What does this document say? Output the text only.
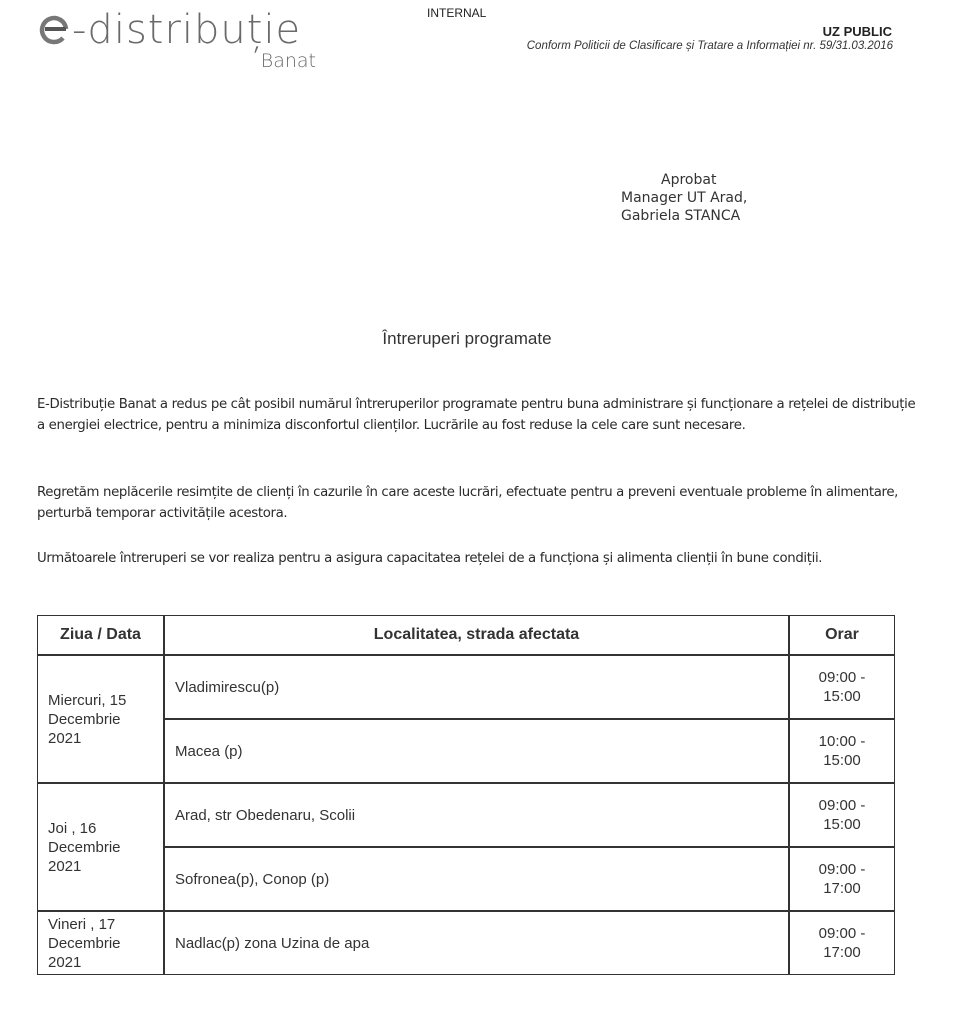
-distribuție
Banat
INTERNAL
UZ PUBLIC
Conform Politicii de Clasificare și Tratare a Informației nr. 59/31.03.2016
Aprobat
Manager UT Arad,
Gabriela STANCA
Întreruperi programate
E-Distribuție Banat a redus pe cât posibil numărul întreruperilor programate pentru buna administrare și funcționare a rețelei de distribuție a energiei electrice, pentru a minimiza disconfortul clienților. Lucrările au fost reduse la cele care sunt necesare.
Regretăm neplăcerile resimțite de clienți în cazurile în care aceste lucrări, efectuate pentru a preveni eventuale probleme în alimentare, perturbă temporar activitățile acestora.
Următoarele întreruperi se vor realiza pentru a asigura capacitatea rețelei de a funcționa și alimenta clienții în bune condiții.
Ziua / Data	Localitatea, strada afectata	Orar
Miercuri, 15 Decembrie 2021	Vladimirescu(p)	09:00 - 15:00
	Macea (p)	10:00 - 15:00
Joi , 16 Decembrie 2021	Arad, str Obedenaru, Scolii	09:00 - 15:00
	Sofronea(p), Conop (p)	09:00 - 17:00
Vineri , 17 Decembrie 2021	Nadlac(p) zona Uzina de apa	09:00 - 17:00
